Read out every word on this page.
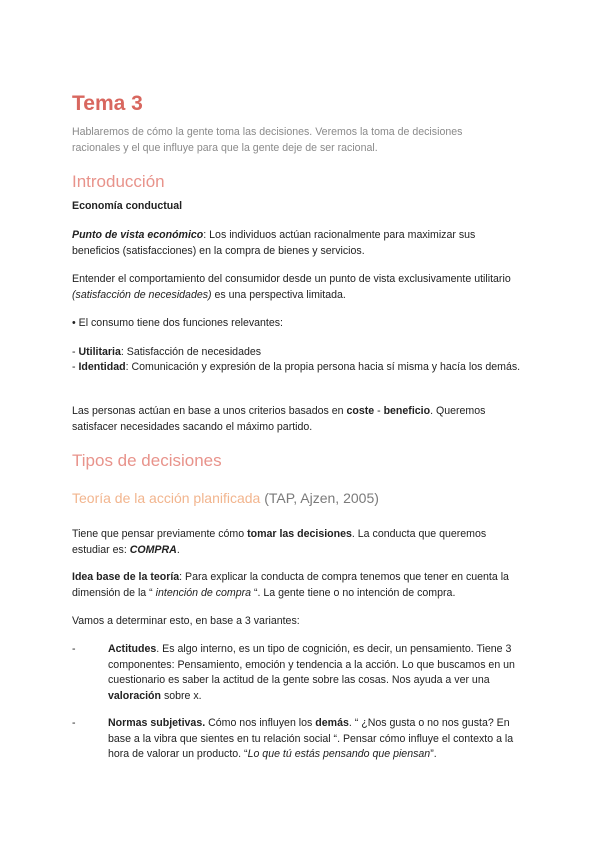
Tema 3

Hablaremos de cómo la gente toma las decisiones. Veremos la toma de decisiones racionales y el que influye para que la gente deje de ser racional.

Introducción

Economía conductual

Punto de vista económico: Los individuos actúan racionalmente para maximizar sus beneficios (satisfacciones) en la compra de bienes y servicios.

Entender el comportamiento del consumidor desde un punto de vista exclusivamente utilitario (satisfacción de necesidades) es una perspectiva limitada.

• El consumo tiene dos funciones relevantes:

- Utilitaria: Satisfacción de necesidades

- Identidad: Comunicación y expresión de la propia persona hacia sí misma y hacía los demás.

Las personas actúan en base a unos criterios basados en coste - beneficio. Queremos satisfacer necesidades sacando el máximo partido.

Tipos de decisiones
Teoría de la acción planificada (TAP, Ajzen, 2005)

Tiene que pensar previamente cómo tomar las decisiones. La conducta que queremos estudiar es: COMPRA.

Idea base de la teoría: Para explicar la conducta de compra tenemos que tener en cuenta la dimensión de la “ intención de compra “. La gente tiene o no intención de compra.

Vamos a determinar esto, en base a 3 variantes:

-	Actitudes. Es algo interno, es un tipo de cognición, es decir, un pensamiento. Tiene 3 componentes: Pensamiento, emoción y tendencia a la acción. Lo que buscamos en un cuestionario es saber la actitud de la gente sobre las cosas. Nos ayuda a ver una valoración sobre x.

-	Normas subjetivas. Cómo nos influyen los demás. “ ¿Nos gusta o no nos gusta? En base a la vibra que sientes en tu relación social “. Pensar cómo influye el contexto a la hora de valorar un producto. “Lo que tú estás pensando que piensan”.
